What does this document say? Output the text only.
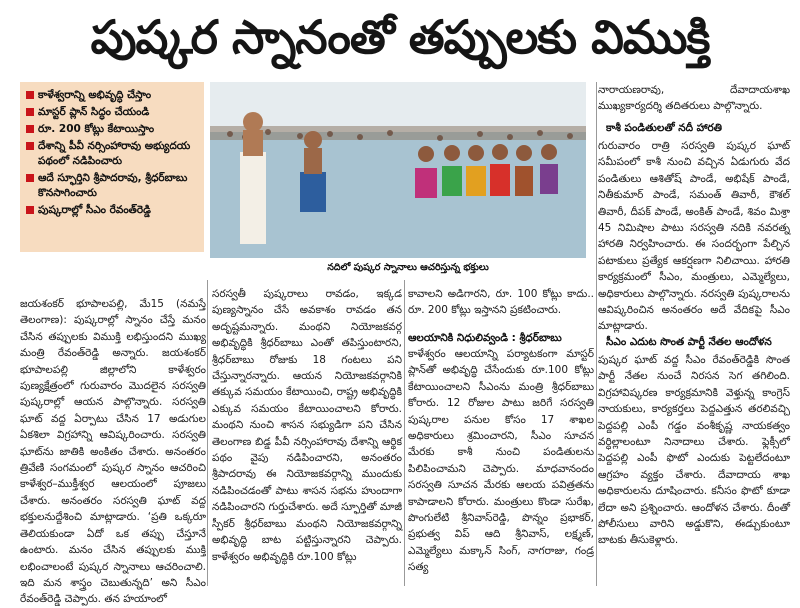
పుష్కర స్నానంతో తప్పులకు విముక్తి
కాళేశ్వరాన్ని అభివృద్ధి చేస్తాం
మాస్టర్ ప్లాన్ సిద్ధం చేయండి
రూ. 200 కోట్లు కేటాయిస్తాం
దేశాన్ని పీవీ నర్సింహారావు అభ్యుదయ పథంలో నడిపించారు
ఆదే స్ఫూర్తిని శ్రీపాదరావు, శ్రీధర్‌బాబు కొనసాగించారు
పుష్కరాల్లో సీఎం రేవంత్‌రెడ్డి
నదిలో పుష్కర స్నానాలు ఆచరిస్తున్న భక్తులు

జయశంకర్ భూపాలపల్లి, మే15 (నమస్తే తెలంగాణ): పుష్కరాల్లో స్నానం చేస్తే మనం చేసిన తప్పులకు విముక్తి లభిస్తుందని ముఖ్య మంత్రి రేవంత్‌రెడ్డి అన్నారు. జయశంకర్ భూపాలపల్లి జిల్లాలోని కాళేశ్వరం పుణ్యక్షేత్రంలో గురువారం మొదలైన సరస్వతి పుష్కరాల్లో ఆయన పాల్గొన్నారు. సరస్వతి ఘాట్ వద్ద ఏర్పాటు చేసిన 17 అడుగుల ఏకశిలా విగ్రహాన్ని ఆవిష్కరించారు. సరస్వతి ఘాట్‌ను జాతికి అంకితం చేశారు. అనంతరం త్రివేణి సంగమంలో పుష్కర స్నానం ఆచరించి కాళేశ్వర–ముక్తీశ్వర ఆలయంలో పూజలు చేశారు. అనంతరం సరస్వతి ఘాట్ వద్ద భక్తులనుద్దేశించి మాట్లాడారు. ‘ప్రతి ఒక్కరూ తెలియకుండా ఏదో ఒక తప్పు చేస్తూనే ఉంటారు. మనం చేసిన తప్పులకు ముక్తి లభించాలంటే పుష్కర స్నానాలు ఆచరించాలి. ఇది మన శాస్త్రం చెబుతున్నది’ అని సీఎం రేవంత్‌రెడ్డి చెప్పారు. తన హయాంలో

సరస్వతీ పుష్కరాలు రావడం, ఇక్కడ పుణ్యస్నానం చేసే అవకాశం రావడం తన అదృష్టమన్నారు. మంథని నియోజకవర్గ అభివృద్ధికి శ్రీధర్‌బాబు ఎంతో తపిస్తుంటారని, శ్రీధర్‌బాబు రోజుకు 18 గంటలు పని చేస్తున్నారన్నారు. ఆయన నియోజకవర్గానికి తక్కువ సమయం కేటాయించి, రాష్ట్ర అభివృద్ధికి ఎక్కువ సమయం కేటాయించాలని కోరారు. మంథని నుంచి శాసన సభ్యుడిగా పని చేసిన తెలంగాణ బిడ్డ పీవీ నర్సింహారావు దేశాన్ని ఆర్థిక పథం వైపు నడిపించారని, అనంతరం శ్రీపాదరావు ఈ నియోజకవర్గాన్ని ముందుకు నడిపించడంతో పాటు శాసన సభను హుందాగా నడిపించారని గుర్తుచేశారు. అదే స్ఫూర్తితో మాజీ స్పీకర్ శ్రీధర్‌బాబు మంథని నియోజకవర్గాన్ని అభివృద్ధి బాట పట్టిస్తున్నారని చెప్పారు. కాళేశ్వరం అభివృద్ధికి రూ.100 కోట్లు

కావాలని అడిగారని, రూ. 100 కోట్లు కాదు.. రూ. 200 కోట్లు ఇస్తానని ప్రకటించారు.

ఆలయానికి నిధులివ్వండి : శ్రీధర్‌బాబు

కాళేశ్వరం ఆలయాన్ని పర్యాటకంగా మాస్టర్ ప్లాన్‌తో అభివృద్ధి చేసేందుకు రూ.100 కోట్లు కేటాయించాలని సీఎంను మంత్రి శ్రీధర్‌బాబు కోరారు. 12 రోజుల పాటు జరిగే సరస్వతి పుష్కరాల పనుల కోసం 17 శాఖల అధికారులు శ్రమించారని, సీఎం సూచన మేరకు కాశీ నుంచి పండితులను పిలిపించామని చెప్పారు. మాధవానందం సరస్వతి సూచన మేరకు ఆలయ పవిత్రతను కాపాడాలని కోరారు. మంత్రులు కొండా సురేఖ, పొంగులేటి శ్రీనివాస్‌రెడ్డి, పొన్నం ప్రభాకర్, ప్రభుత్వ విప్ ఆది శ్రీనివాస్, లక్ష్మణ్, ఎమ్మెల్యేలు మక్కాన్ సింగ్, నాగరాజు, గండ్ర సత్య

నారాయణరావు, దేవాదాయశాఖ ముఖ్యకార్యదర్శి తదితరులు పాల్గొన్నారు.

కాశీ పండితులతో నదీ హారతి

గురువారం రాత్రి సరస్వతి పుష్కర ఘాట్ సమీపంలో కాశీ నుంచి వచ్చిన ఏడుగురు వేద పండితులు ఆశితోష్ పాండే, అభిషేక్ పాండే, నితీకుమార్ పాండే, సమంత్ తివారీ, కౌశల్ తివారీ, దీపక్ పాండే, అంకిత్ పాండే, శివం మిశ్రా 45 నిమిషాల పాటు సరస్వతి నదికి నవరత్న హారతి నిర్వహించారు. ఈ సందర్భంగా పేల్చిన పటాకులు ప్రత్యేక ఆకర్షణగా నిలిచాయి. హారతి కార్యక్రమంలో సీఎం, మంత్రులు, ఎమ్మెల్యేలు, అధికారులు పాల్గొన్నారు. నరస్వతి పుష్కరాలను ఆవిష్కరించిన అనంతరం అదే వేదికపై సీఎం మాట్లాడారు.

సీఎం ఎదుట సొంత పార్టీ నేతల ఆందోళన

పుష్కర ఘాట్ వద్ద సీఎం రేవంత్‌రెడ్డికి సొంత పార్టీ నేతల నుంచే నిరసన సెగ తగిలింది. విగ్రహావిష్కరణ కార్యక్రమానికి వెళ్తున్న కాంగ్రెస్ నాయకులు, కార్యకర్తలు పెద్దఎత్తున తరలివచ్చి పెద్దపల్లి ఎంపీ గడ్డం వంశీకృష్ణ నాయకత్వం వర్ధిల్లాలంటూ నినాదాలు చేశారు. ఫ్లెక్సీలో పెద్దపల్లి ఎంపీ ఫొటో ఎందుకు పెట్టలేదంటూ ఆగ్రహం వ్యక్తం చేశారు. దేవాదాయ శాఖ అధికారులను దూషించారు. కనీసం ఫొటో కూడా లేదా అని ప్రశ్నించారు. ఆందోళన చేశారు. దీంతో పోలీసులు వారిని అడ్డుకొని, ఈడ్చుకుంటూ బాటకు తీసుకెళ్లారు.
